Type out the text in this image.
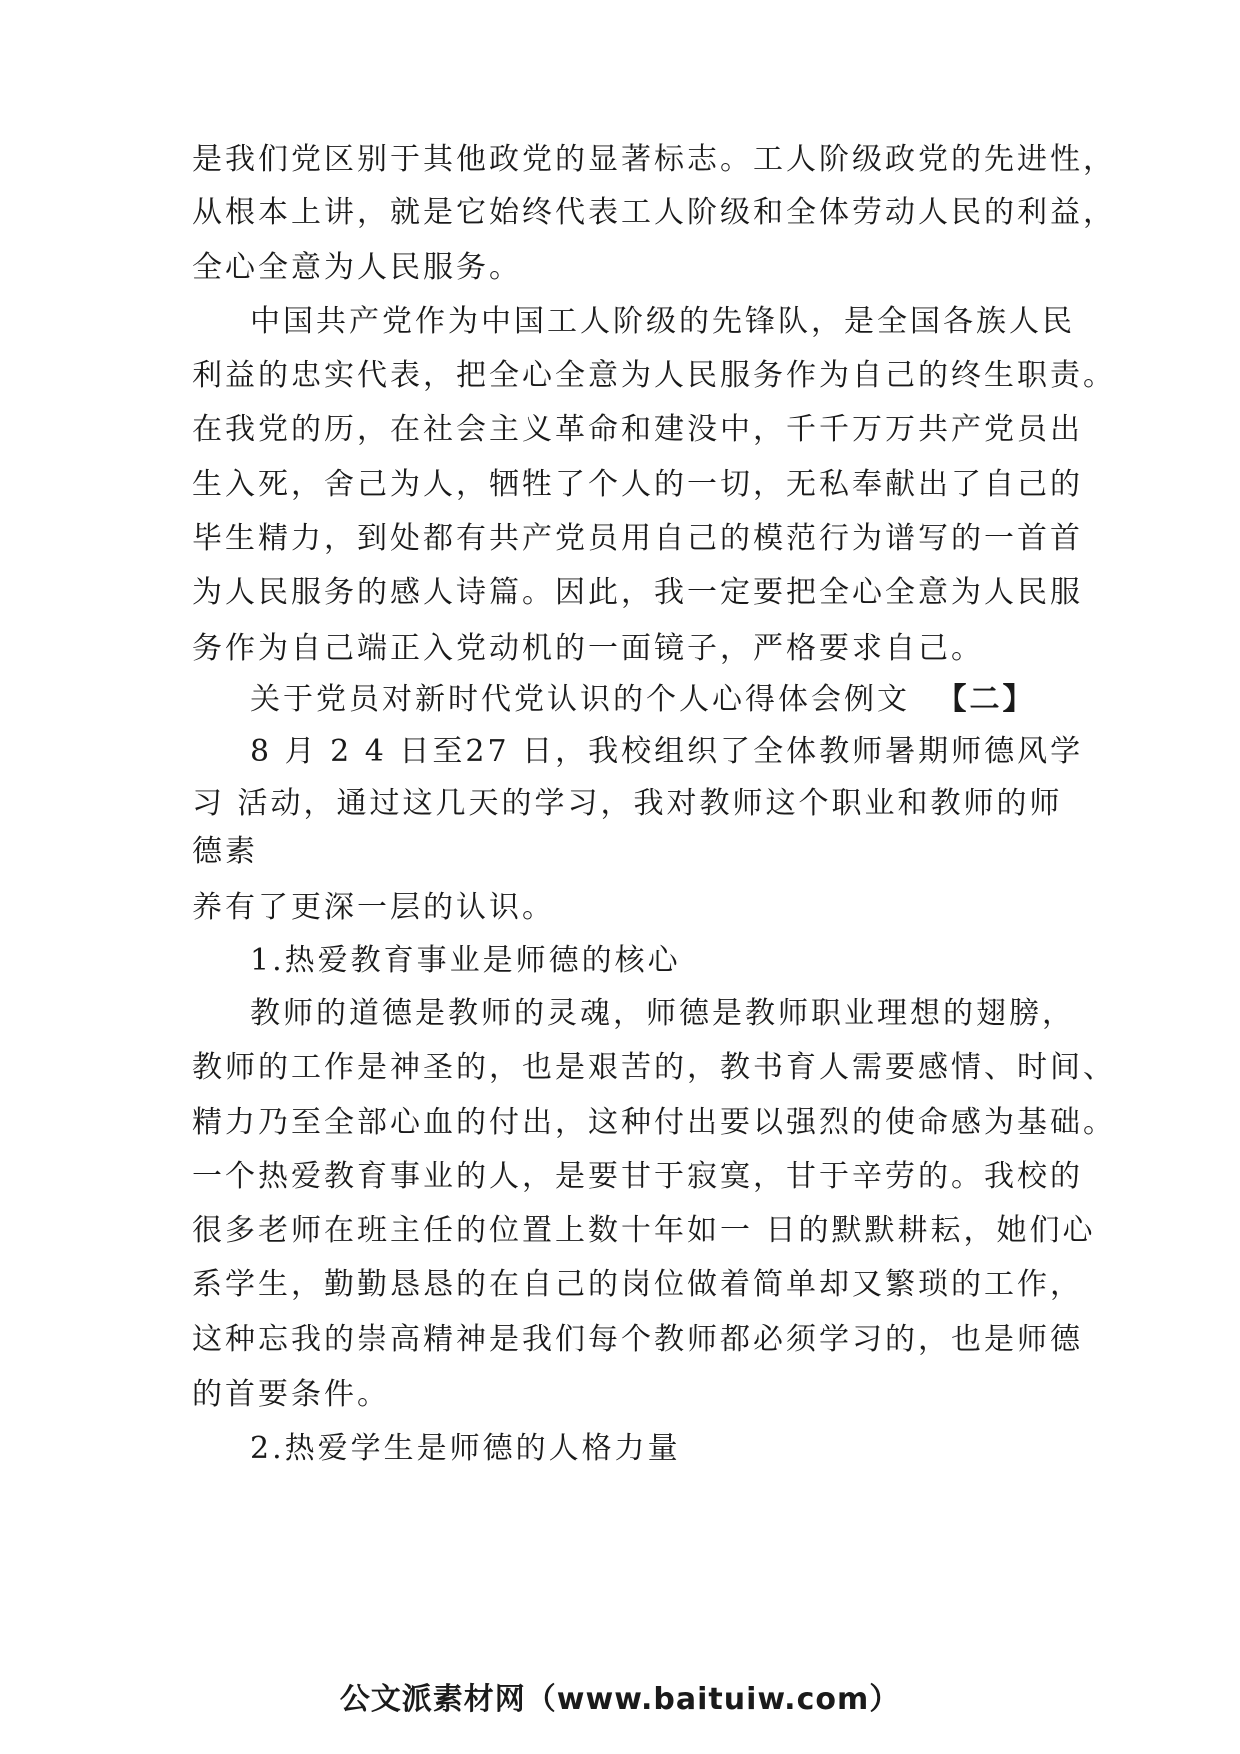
是我们党区别于其他政党的显著标志。工人阶级政党的先进性，
从根本上讲，就是它始终代表工人阶级和全体劳动人民的利益，
全心全意为人民服务。
中国共产党作为中国工人阶级的先锋队，是全国各族人民
利益的忠实代表，把全心全意为人民服务作为自己的终生职责。
在我党的历，在社会主义革命和建没中，千千万万共产党员出
生入死，舍己为人，牺牲了个人的一切，无私奉献出了自己的
毕生精力，到处都有共产党员用自己的模范行为谱写的一首首
为人民服务的感人诗篇。因此，我一定要把全心全意为人民服
务作为自己端正入党动机的一面镜子，严格要求自己。
关于党员对新时代党认识的个人心得体会例文 【二】
8 月 2 4 日至27 日，我校组织了全体教师暑期师德风学
习 活动，通过这几天的学习，我对教师这个职业和教师的师
德素
养有了更深一层的认识。
1.热爱教育事业是师德的核心
教师的道德是教师的灵魂，师德是教师职业理想的翅膀，
教师的工作是神圣的，也是艰苦的，教书育人需要感情、时间、
精力乃至全部心血的付出，这种付出要以强烈的使命感为基础。
一个热爱教育事业的人，是要甘于寂寞，甘于辛劳的。我校的
很多老师在班主任的位置上数十年如一 日的默默耕耘，她们心
系学生，勤勤恳恳的在自己的岗位做着简单却又繁琐的工作，
这种忘我的崇高精神是我们每个教师都必须学习的，也是师德
的首要条件。
2.热爱学生是师德的人格力量
公文派素材网（www.baituiw.com）
